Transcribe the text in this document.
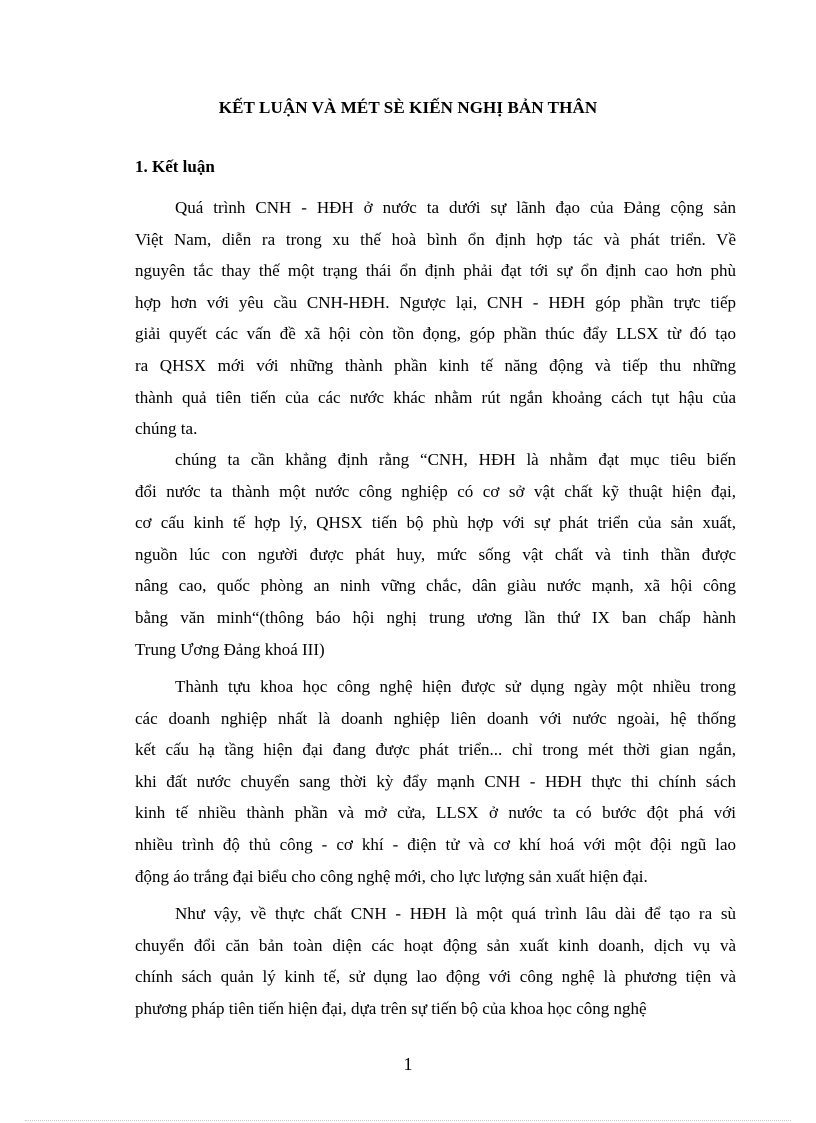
KẾT LUẬN VÀ MÉT SÈ KIẾN NGHỊ BẢN THÂN
1. Kết luận
Quá trình CNH - HĐH ở nước ta dưới sự lãnh đạo của Đảng cộng sản
Việt Nam, diễn ra trong xu thế hoà bình ổn định hợp tác và phát triển. Về
nguyên tắc thay thế một trạng thái ổn định phải đạt tới sự ổn định cao hơn phù
hợp hơn với yêu cầu CNH-HĐH. Ngược lại, CNH - HĐH góp phần trực tiếp
giải quyết các vấn đề xã hội còn tồn đọng, góp phần thúc đẩy LLSX từ đó tạo
ra QHSX mới với những thành phần kinh tế năng động và tiếp thu những
thành quả tiên tiến của các nước khác nhằm rút ngắn khoảng cách tụt hậu của
chúng ta.
chúng ta cần khẳng định rằng “CNH, HĐH là nhằm đạt mục tiêu biến
đổi nước ta thành một nước công nghiệp có cơ sở vật chất kỹ thuật hiện đại,
cơ cấu kinh tế hợp lý, QHSX tiến bộ phù hợp với sự phát triển của sản xuất,
nguồn lúc con người được phát huy, mức sống vật chất và tinh thần được
nâng cao, quốc phòng an ninh vững chắc, dân giàu nước mạnh, xã hội công
bằng văn minh“(thông báo hội nghị trung ương lần thứ IX ban chấp hành
Trung Ương Đảng khoá III)
Thành tựu khoa học công nghệ hiện được sử dụng ngày một nhiều trong
các doanh nghiệp nhất là doanh nghiệp liên doanh với nước ngoài, hệ thống
kết cấu hạ tầng hiện đại đang được phát triển... chỉ trong mét thời gian ngắn,
khi đất nước chuyển sang thời kỳ đẩy mạnh CNH - HĐH thực thi chính sách
kinh tế nhiều thành phần và mở cửa, LLSX ở nước ta có bước đột phá với
nhiều trình độ thủ công - cơ khí - điện tử và cơ khí hoá với một đội ngũ lao
động áo trắng đại biểu cho công nghệ mới, cho lực lượng sản xuất hiện đại.
Như vậy, về thực chất CNH - HĐH là một quá trình lâu dài để tạo ra sù
chuyển đổi căn bản toàn diện các hoạt động sản xuất kinh doanh, dịch vụ và
chính sách quản lý kinh tế, sử dụng lao động với công nghệ là phương tiện và
phương pháp tiên tiến hiện đại, dựa trên sự tiến bộ của khoa học công nghệ
1
